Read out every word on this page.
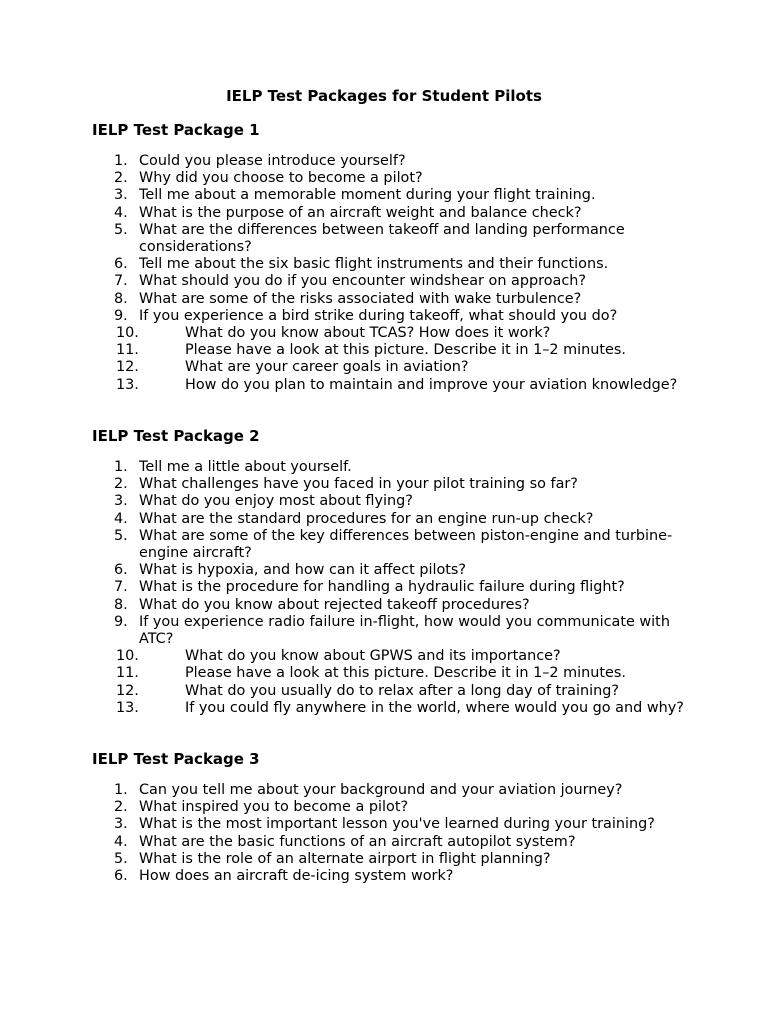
IELP Test Packages for Student Pilots
IELP Test Package 1
1. Could you please introduce yourself?
2. Why did you choose to become a pilot?
3. Tell me about a memorable moment during your flight training.
4. What is the purpose of an aircraft weight and balance check?
5. What are the differences between takeoff and landing performance considerations?
6. Tell me about the six basic flight instruments and their functions.
7. What should you do if you encounter windshear on approach?
8. What are some of the risks associated with wake turbulence?
9. If you experience a bird strike during takeoff, what should you do?
10.	What do you know about TCAS? How does it work?
11.	Please have a look at this picture. Describe it in 1–2 minutes.
12.	What are your career goals in aviation?
13.	How do you plan to maintain and improve your aviation knowledge?
IELP Test Package 2
1. Tell me a little about yourself.
2. What challenges have you faced in your pilot training so far?
3. What do you enjoy most about flying?
4. What are the standard procedures for an engine run-up check?
5. What are some of the key differences between piston-engine and turbine-engine aircraft?
6. What is hypoxia, and how can it affect pilots?
7. What is the procedure for handling a hydraulic failure during flight?
8. What do you know about rejected takeoff procedures?
9. If you experience radio failure in-flight, how would you communicate with ATC?
10.	What do you know about GPWS and its importance?
11.	Please have a look at this picture. Describe it in 1–2 minutes.
12.	What do you usually do to relax after a long day of training?
13.	If you could fly anywhere in the world, where would you go and why?
IELP Test Package 3
1. Can you tell me about your background and your aviation journey?
2. What inspired you to become a pilot?
3. What is the most important lesson you've learned during your training?
4. What are the basic functions of an aircraft autopilot system?
5. What is the role of an alternate airport in flight planning?
6. How does an aircraft de-icing system work?
